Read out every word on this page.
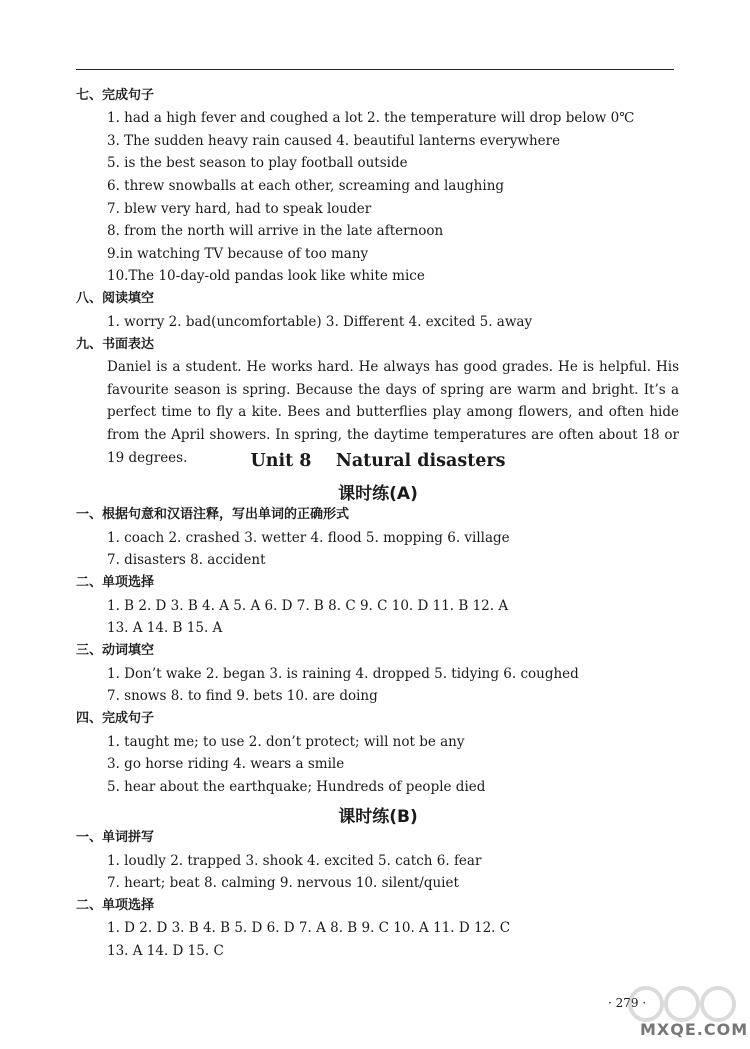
七、完成句子
1. had a high fever and coughed a lot 2. the temperature will drop below 0℃
3. The sudden heavy rain caused 4. beautiful lanterns everywhere
5. is the best season to play football outside
6. threw snowballs at each other, screaming and laughing
7. blew very hard, had to speak louder
8. from the north will arrive in the late afternoon
9.in watching TV because of too many
10.The 10-day-old pandas look like white mice
八、阅读填空
1. worry 2. bad(uncomfortable) 3. Different 4. excited 5. away
九、书面表达
Daniel is a student. He works hard. He always has good grades. He is helpful. His favourite season is spring. Because the days of spring are warm and bright. It’s a perfect time to fly a kite. Bees and butterflies play among flowers, and often hide from the April showers. In spring, the daytime temperatures are often about 18 or 19 degrees.	Unit 8    Natural disasters
课时练(A)
一、根据句意和汉语注释，写出单词的正确形式
1. coach 2. crashed 3. wetter 4. flood 5. mopping 6. village
7. disasters 8. accident
二、单项选择
1. B 2. D 3. B 4. A 5. A 6. D 7. B 8. C 9. C 10. D 11. B 12. A
13. A 14. B 15. A
三、动词填空
1. Don’t wake 2. began 3. is raining 4. dropped 5. tidying 6. coughed
7. snows 8. to find 9. bets 10. are doing
四、完成句子
1. taught me; to use 2. don’t protect; will not be any
3. go horse riding 4. wears a smile
5. hear about the earthquake; Hundreds of people died
课时练(B)
一、单词拼写
1. loudly 2. trapped 3. shook 4. excited 5. catch 6. fear
7. heart; beat 8. calming 9. nervous 10. silent/quiet
二、单项选择
1. D 2. D 3. B 4. B 5. D 6. D 7. A 8. B 9. C 10. A 11. D 12. C
13. A 14. D 15. C
· 279 ·
MXQE.COM
